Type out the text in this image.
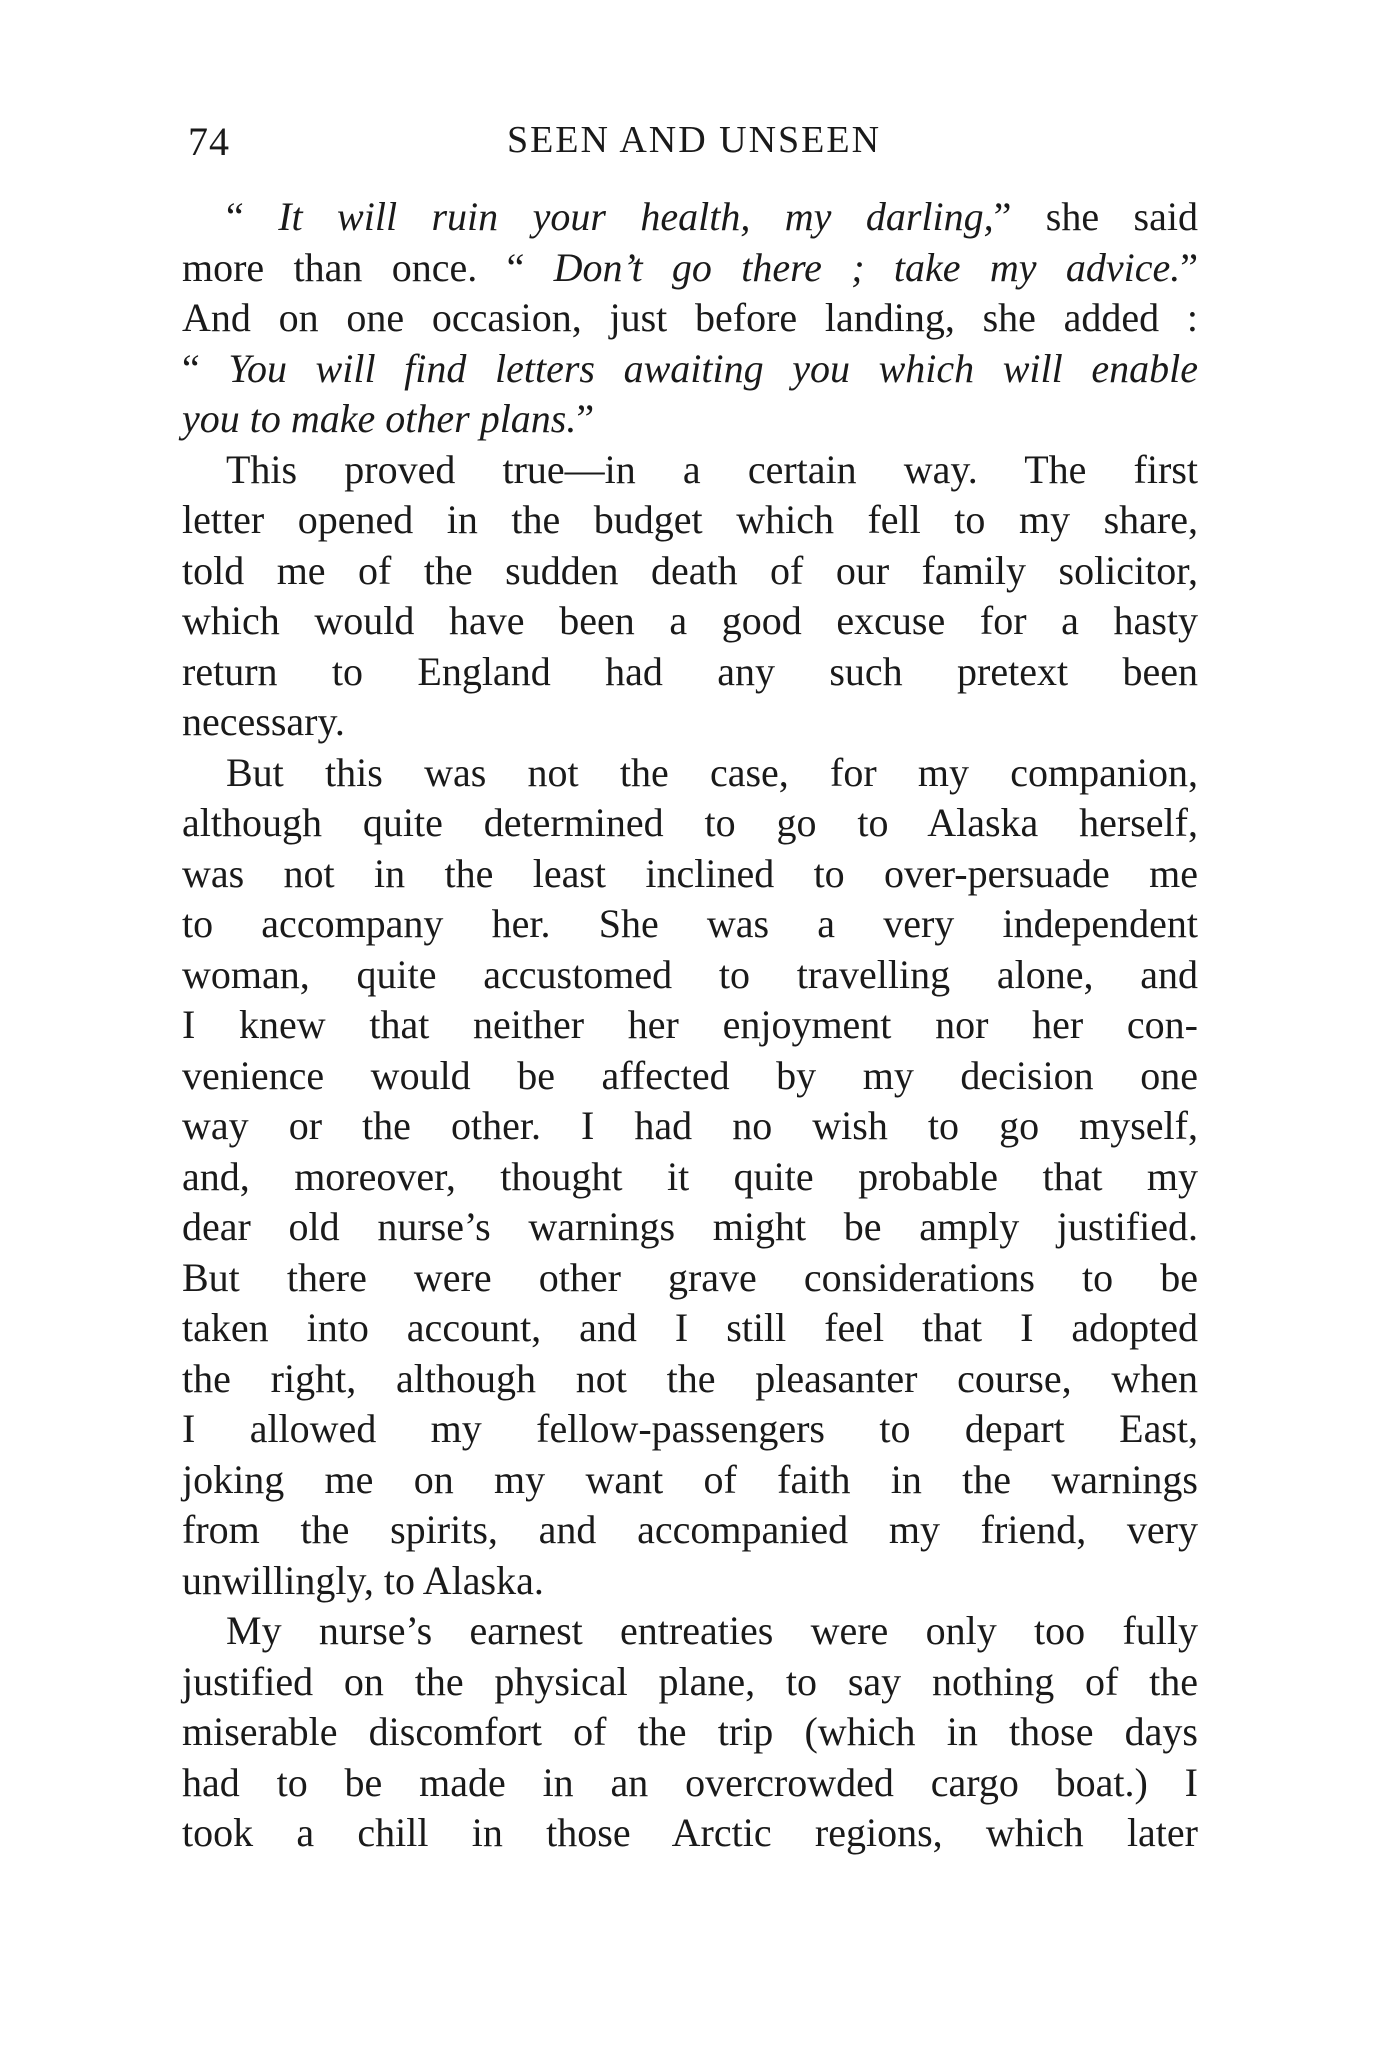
74	SEEN AND UNSEEN
“ It will ruin your health, my darling,” she said
more than once. “ Don’t go there ; take my advice.”
And on one occasion, just before landing, she added :
“ You will find letters awaiting you which will enable
you to make other plans.”
This proved true—in a certain way. The first
letter opened in the budget which fell to my share,
told me of the sudden death of our family solicitor,
which would have been a good excuse for a hasty
return to England had any such pretext been
necessary.
But this was not the case, for my companion,
although quite determined to go to Alaska herself,
was not in the least inclined to over-persuade me
to accompany her. She was a very independent
woman, quite accustomed to travelling alone, and
I knew that neither her enjoyment nor her con-
venience would be affected by my decision one
way or the other. I had no wish to go myself,
and, moreover, thought it quite probable that my
dear old nurse’s warnings might be amply justified.
But there were other grave considerations to be
taken into account, and I still feel that I adopted
the right, although not the pleasanter course, when
I allowed my fellow-passengers to depart East,
joking me on my want of faith in the warnings
from the spirits, and accompanied my friend, very
unwillingly, to Alaska.
My nurse’s earnest entreaties were only too fully
justified on the physical plane, to say nothing of the
miserable discomfort of the trip (which in those days
had to be made in an overcrowded cargo boat.) I
took a chill in those Arctic regions, which later
